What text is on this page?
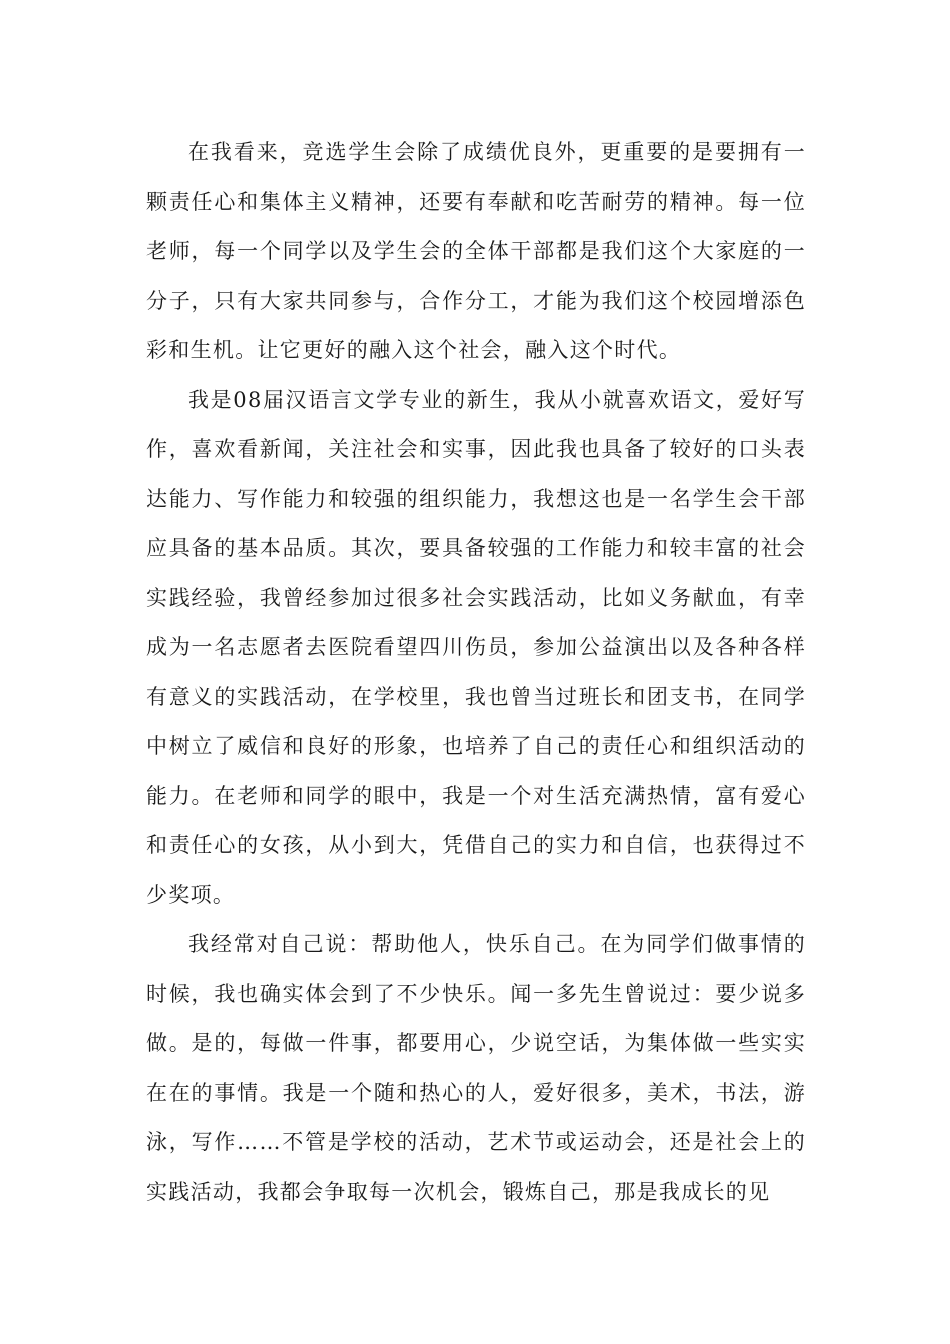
在我看来，竞选学生会除了成绩优良外，更重要的是要拥有一颗责任心和集体主义精神，还要有奉献和吃苦耐劳的精神。每一位老师，每一个同学以及学生会的全体干部都是我们这个大家庭的一分子，只有大家共同参与，合作分工，才能为我们这个校园增添色彩和生机。让它更好的融入这个社会，融入这个时代。

我是08届汉语言文学专业的新生，我从小就喜欢语文，爱好写作，喜欢看新闻，关注社会和实事，因此我也具备了较好的口头表达能力、写作能力和较强的组织能力，我想这也是一名学生会干部应具备的基本品质。其次，要具备较强的工作能力和较丰富的社会实践经验，我曾经参加过很多社会实践活动，比如义务献血，有幸成为一名志愿者去医院看望四川伤员，参加公益演出以及各种各样有意义的实践活动，在学校里，我也曾当过班长和团支书，在同学中树立了威信和良好的形象，也培养了自己的责任心和组织活动的能力。在老师和同学的眼中，我是一个对生活充满热情，富有爱心和责任心的女孩，从小到大，凭借自己的实力和自信，也获得过不少奖项。

我经常对自己说：帮助他人，快乐自己。在为同学们做事情的时候，我也确实体会到了不少快乐。闻一多先生曾说过：要少说多做。是的，每做一件事，都要用心，少说空话，为集体做一些实实在在的事情。我是一个随和热心的人，爱好很多，美术，书法，游泳，写作……不管是学校的活动，艺术节或运动会，还是社会上的实践活动，我都会争取每一次机会，锻炼自己，那是我成长的见
